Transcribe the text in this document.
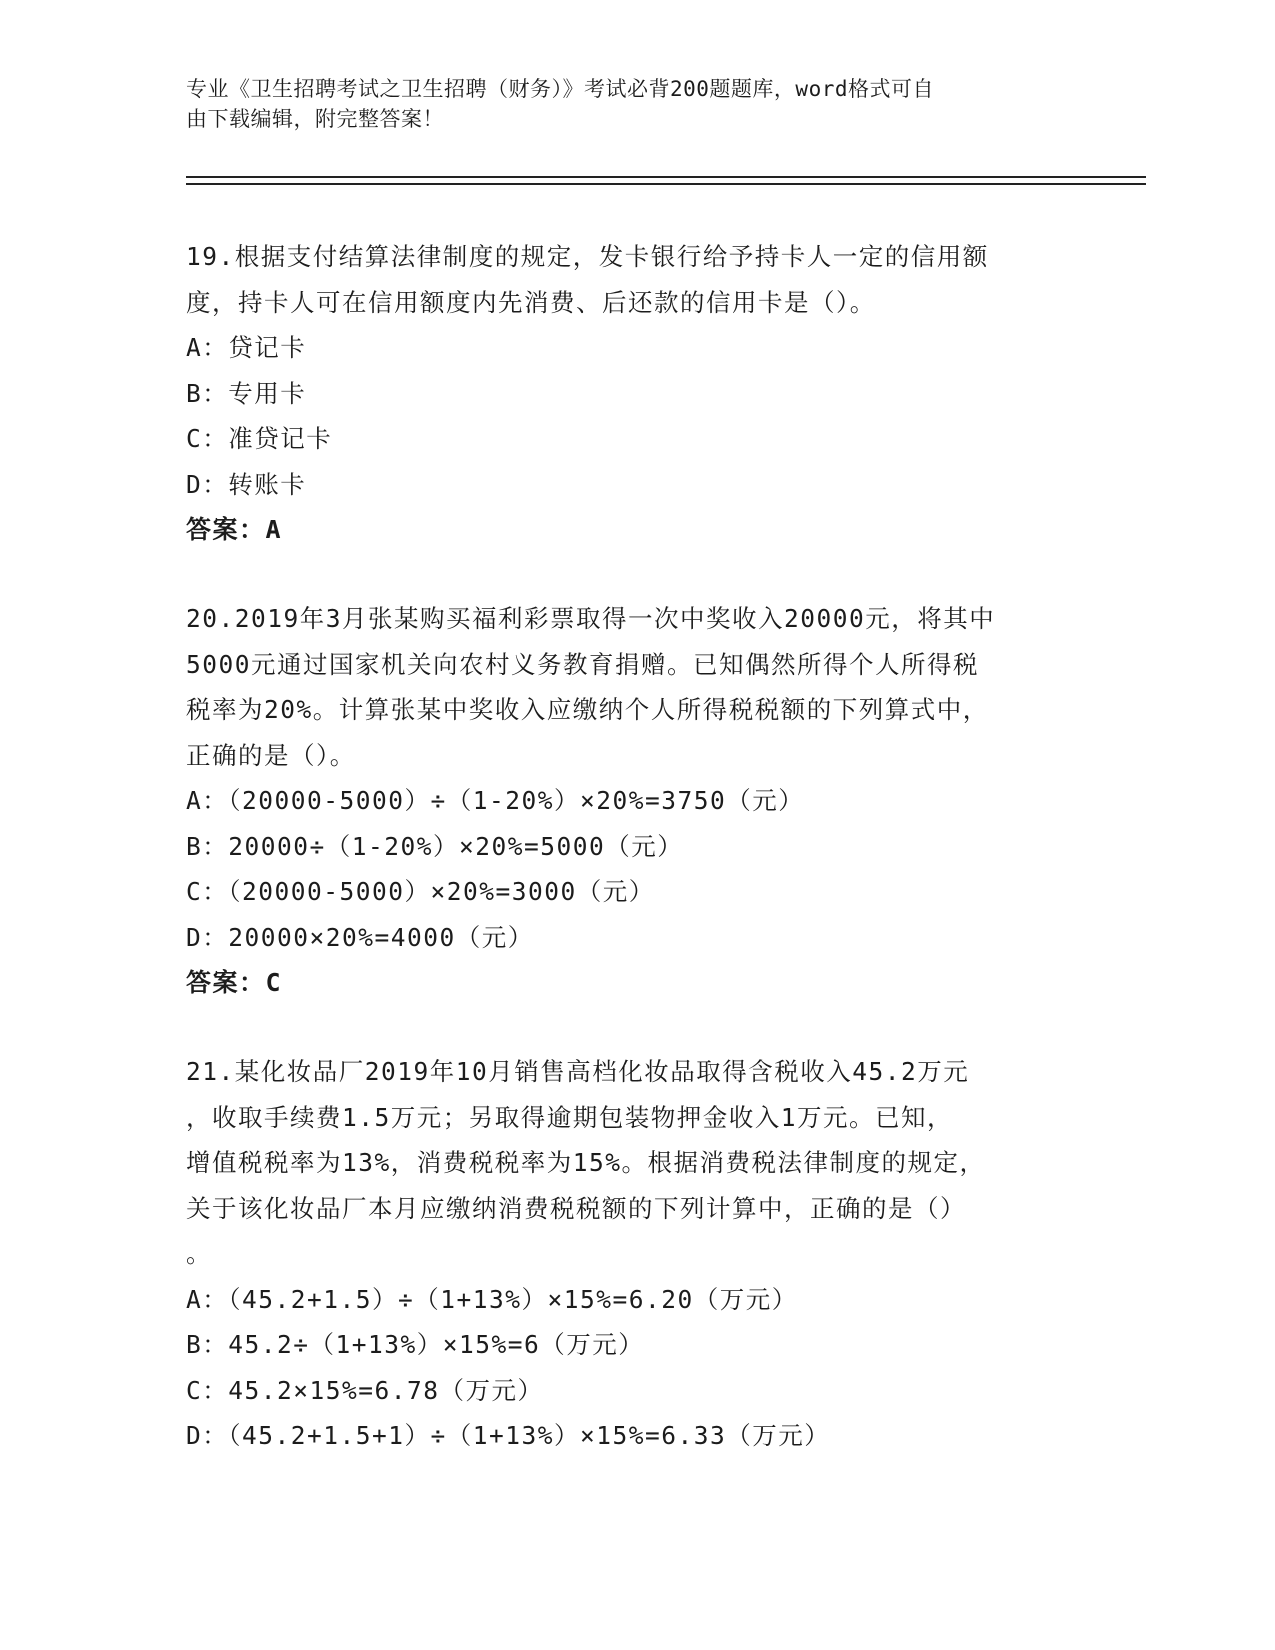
专业《卫生招聘考试之卫生招聘（财务）》考试必背200题题库，word格式可自

由下载编辑，附完整答案！

19.根据支付结算法律制度的规定，发卡银行给予持卡人一定的信用额

度，持卡人可在信用额度内先消费、后还款的信用卡是（）。

A：贷记卡

B：专用卡

C：准贷记卡

D：转账卡

答案：A

20.2019年3月张某购买福利彩票取得一次中奖收入20000元，将其中

5000元通过国家机关向农村义务教育捐赠。已知偶然所得个人所得税

税率为20%。计算张某中奖收入应缴纳个人所得税税额的下列算式中，

正确的是（）。

A：（20000-5000）÷（1-20%）×20%=3750（元）

B：20000÷（1-20%）×20%=5000（元）

C：（20000-5000）×20%=3000（元）

D：20000×20%=4000（元）

答案：C

21.某化妆品厂2019年10月销售高档化妆品取得含税收入45.2万元

，收取手续费1.5万元；另取得逾期包装物押金收入1万元。已知，

增值税税率为13%，消费税税率为15%。根据消费税法律制度的规定，

关于该化妆品厂本月应缴纳消费税税额的下列计算中，正确的是（）

。

A：（45.2+1.5）÷（1+13%）×15%=6.20（万元）

B：45.2÷（1+13%）×15%=6（万元）

C：45.2×15%=6.78（万元）

D：（45.2+1.5+1）÷（1+13%）×15%=6.33（万元）
